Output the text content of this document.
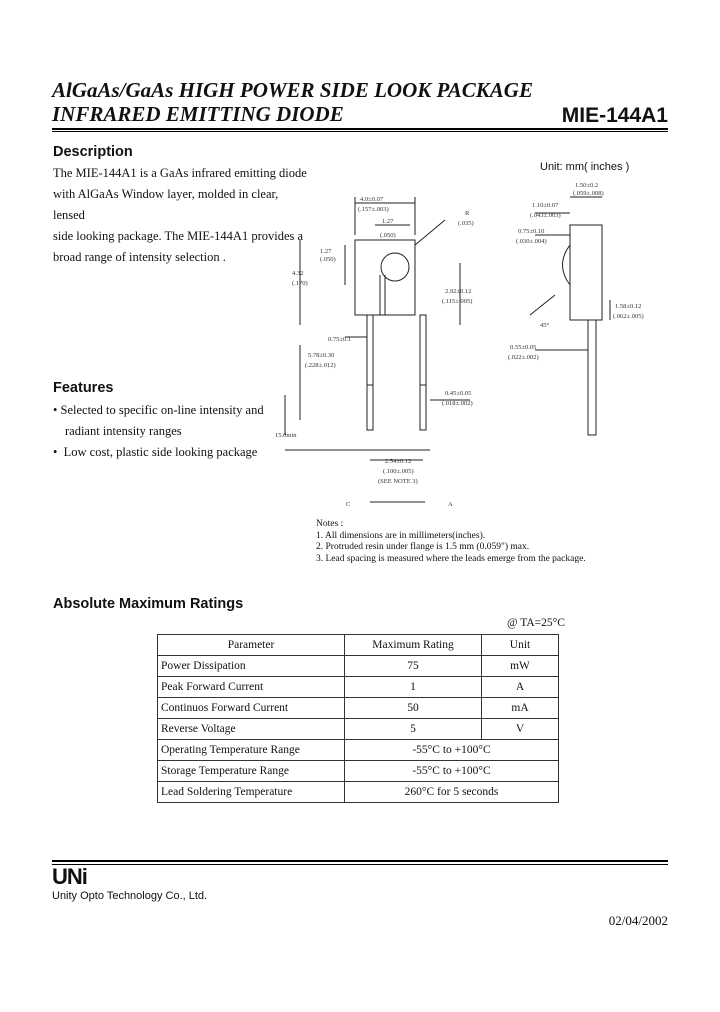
AlGaAs/GaAs HIGH POWER SIDE LOOK PACKAGE
INFRARED EMITTING DIODE	MIE-144A1
Description
The MIE-144A1 is a GaAs infrared emitting diode
with AlGaAs Window layer, molded in clear, lensed
side looking package. The MIE-144A1 provides a
broad range of intensity selection .
Features
• Selected to specific on-line intensity and
radiant intensity ranges
•  Low cost, plastic side looking package
Unit: mm( inches )
4.0±0.07
(.157±.003)
1.27
(.050)
1.27
(.050)
4.32
(.170)
2.92±0.12
(.115±.005)
R
(.035)
0.75±0.1
5.78±0.30
(.228±.012)
15.0min
0.45±0.05
(.018±.002)
2.54±0.12
(.100±.005)
(SEE NOTE 3)
C	A
1.50±0.2
(.059±.008)
1.10±0.07
(.043±.003)
0.75±0.10
(.030±.004)
1.58±0.12
(.062±.005)
0.55±0.05
(.022±.002)
45°
Notes :
1. All dimensions are in millimeters(inches).
2. Protruded resin under flange is 1.5 mm (0.059") max.
3. Lead spacing is measured where the leads emerge from the package.
Absolute Maximum Ratings
@ TA=25°C
Parameter	Maximum Rating	Unit
Power Dissipation	75	mW
Peak Forward Current	1	A
Continuos Forward Current	50	mA
Reverse Voltage	5	V
Operating Temperature Range	-55°C to +100°C	
Storage Temperature Range	-55°C to +100°C	
Lead Soldering Temperature	260°C for 5 seconds	
UNi
Unity Opto Technology Co., Ltd.
02/04/2002
